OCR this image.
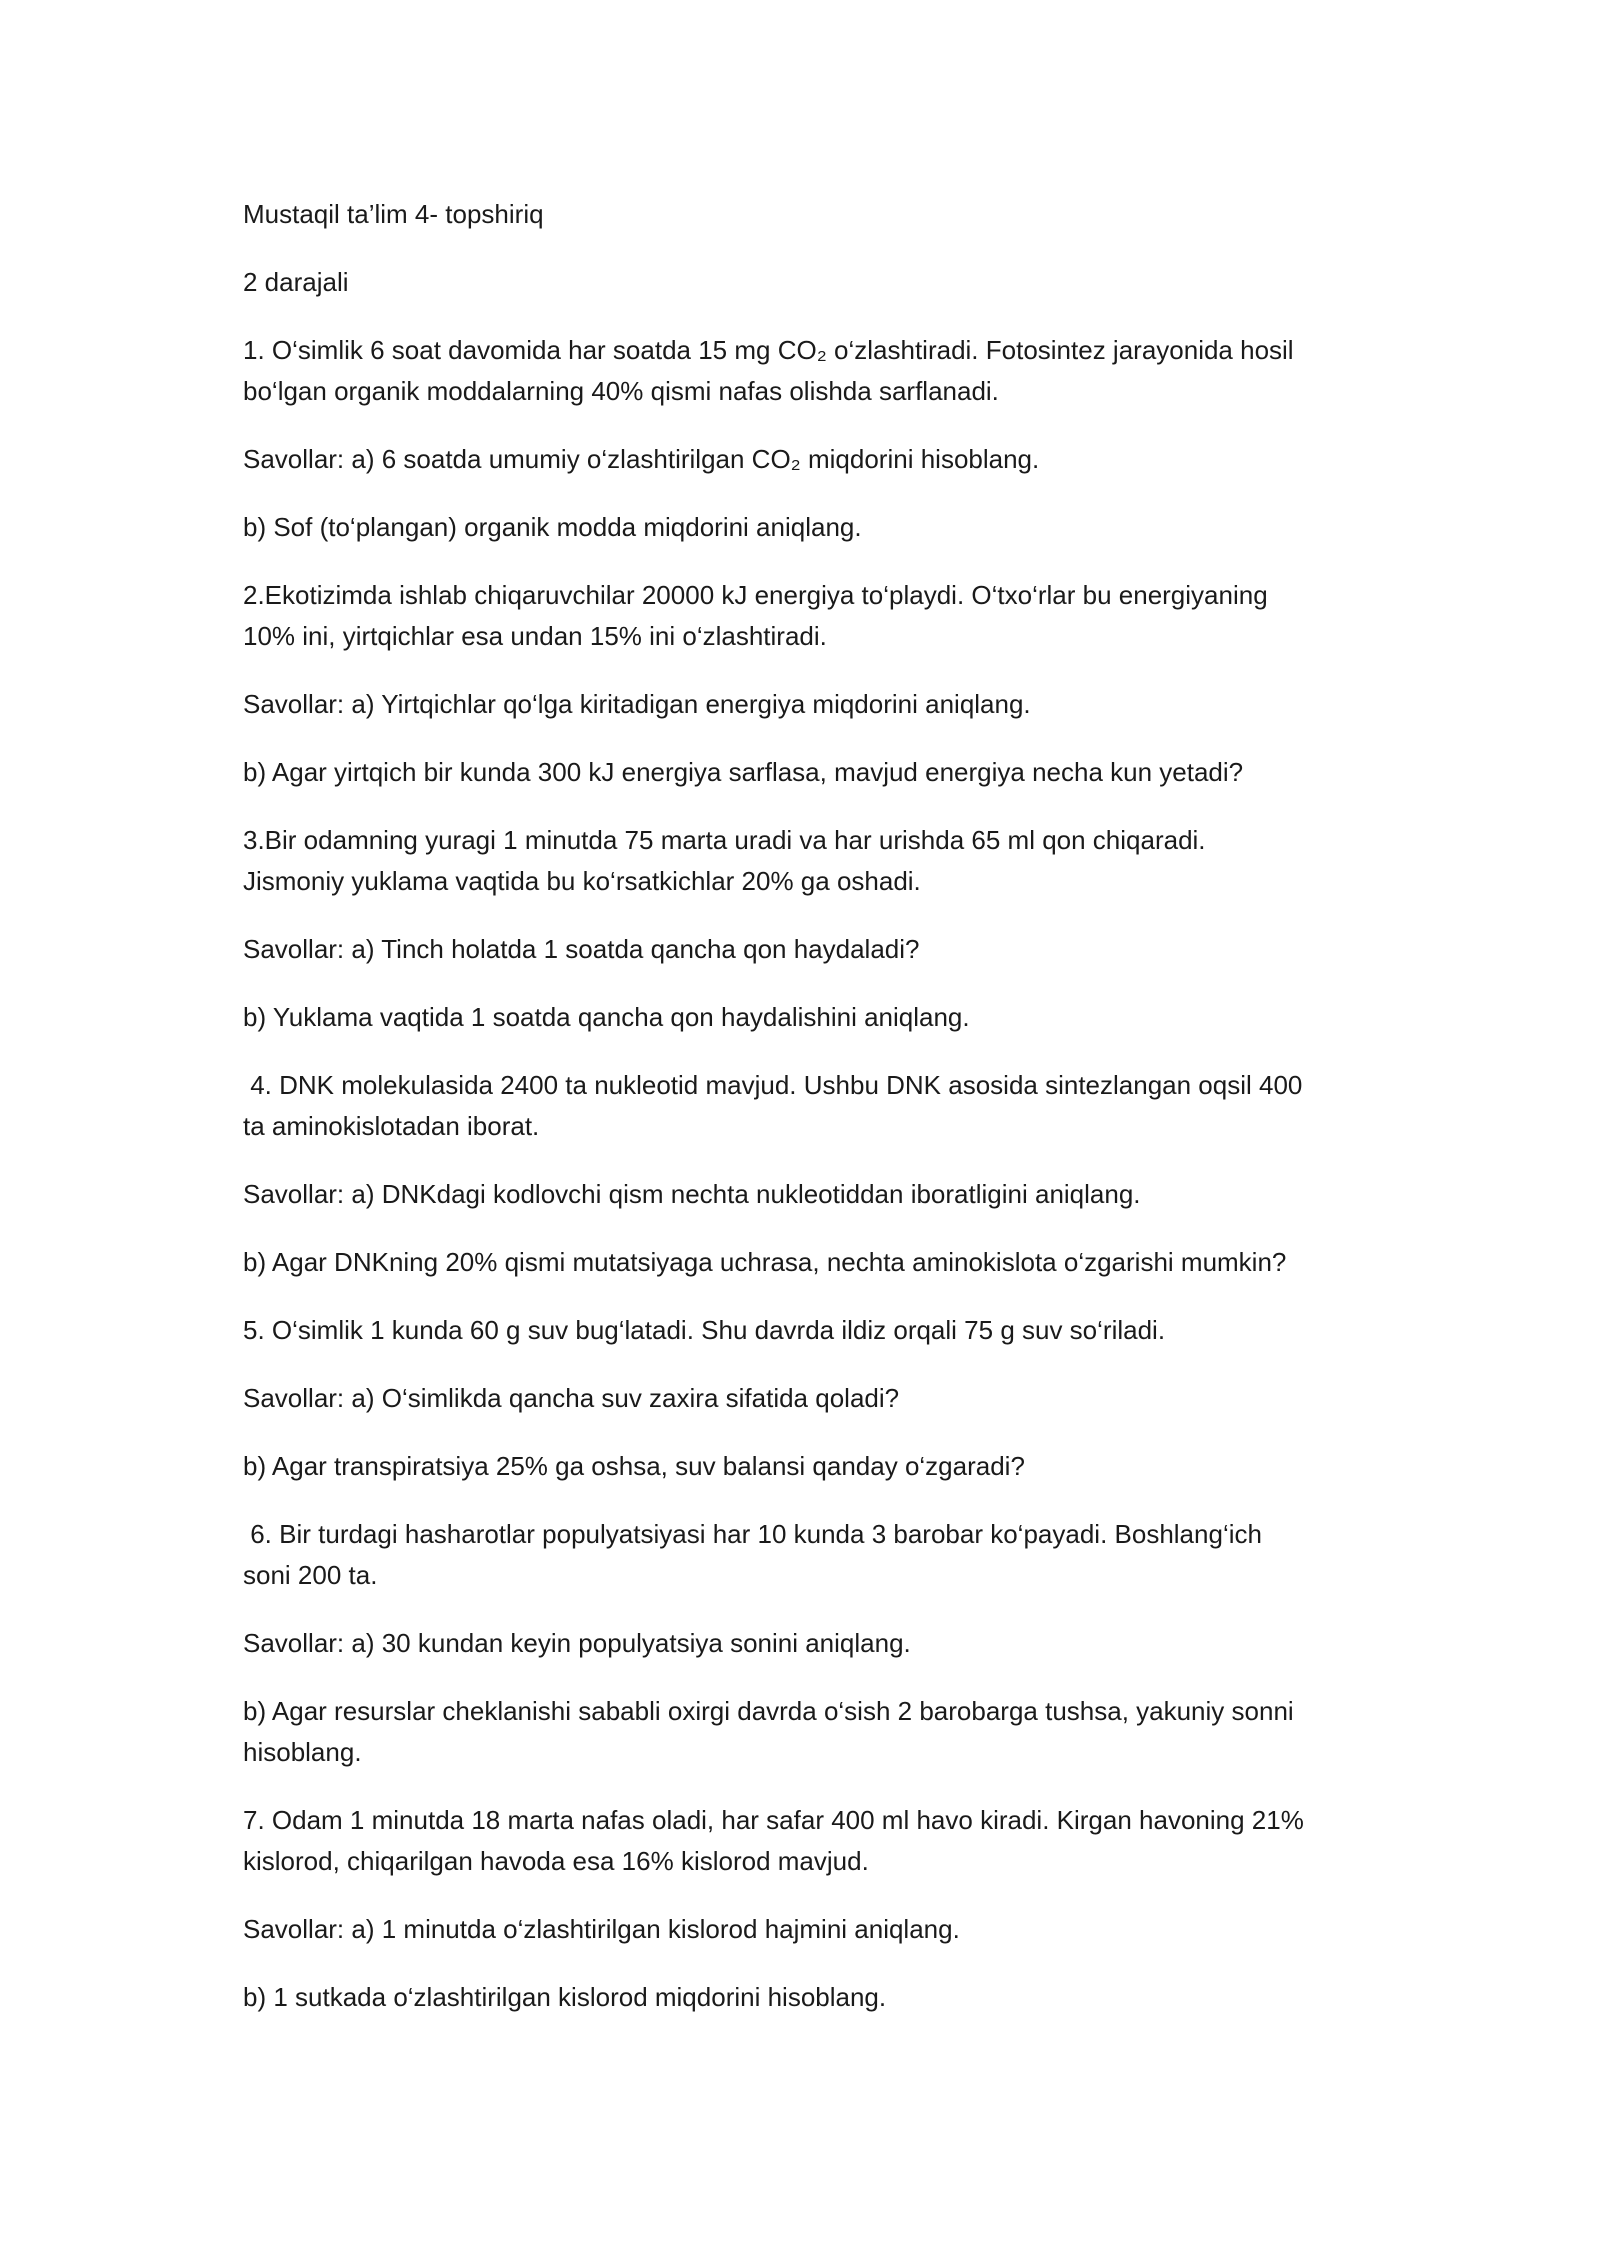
Mustaqil ta’lim 4- topshiriq

2 darajali

1. O‘simlik 6 soat davomida har soatda 15 mg CO₂ o‘zlashtiradi. Fotosintez jarayonida hosil
bo‘lgan organik moddalarning 40% qismi nafas olishda sarflanadi.

Savollar: a) 6 soatda umumiy o‘zlashtirilgan CO₂ miqdorini hisoblang.

b) Sof (to‘plangan) organik modda miqdorini aniqlang.

2.Ekotizimda ishlab chiqaruvchilar 20000 kJ energiya to‘playdi. O‘txo‘rlar bu energiyaning
10% ini, yirtqichlar esa undan 15% ini o‘zlashtiradi.

Savollar: a) Yirtqichlar qo‘lga kiritadigan energiya miqdorini aniqlang.

b) Agar yirtqich bir kunda 300 kJ energiya sarflasa, mavjud energiya necha kun yetadi?

3.Bir odamning yuragi 1 minutda 75 marta uradi va har urishda 65 ml qon chiqaradi.
Jismoniy yuklama vaqtida bu ko‘rsatkichlar 20% ga oshadi.

Savollar: a) Tinch holatda 1 soatda qancha qon haydaladi?

b) Yuklama vaqtida 1 soatda qancha qon haydalishini aniqlang.

4. DNK molekulasida 2400 ta nukleotid mavjud. Ushbu DNK asosida sintezlangan oqsil 400
ta aminokislotadan iborat.

Savollar: a) DNKdagi kodlovchi qism nechta nukleotiddan iboratligini aniqlang.

b) Agar DNKning 20% qismi mutatsiyaga uchrasa, nechta aminokislota o‘zgarishi mumkin?

5. O‘simlik 1 kunda 60 g suv bug‘latadi. Shu davrda ildiz orqali 75 g suv so‘riladi.

Savollar: a) O‘simlikda qancha suv zaxira sifatida qoladi?

b) Agar transpiratsiya 25% ga oshsa, suv balansi qanday o‘zgaradi?

6. Bir turdagi hasharotlar populyatsiyasi har 10 kunda 3 barobar ko‘payadi. Boshlang‘ich
soni 200 ta.

Savollar: a) 30 kundan keyin populyatsiya sonini aniqlang.

b) Agar resurslar cheklanishi sababli oxirgi davrda o‘sish 2 barobarga tushsa, yakuniy sonni
hisoblang.

7. Odam 1 minutda 18 marta nafas oladi, har safar 400 ml havo kiradi. Kirgan havoning 21%
kislorod, chiqarilgan havoda esa 16% kislorod mavjud.

Savollar: a) 1 minutda o‘zlashtirilgan kislorod hajmini aniqlang.

b) 1 sutkada o‘zlashtirilgan kislorod miqdorini hisoblang.
